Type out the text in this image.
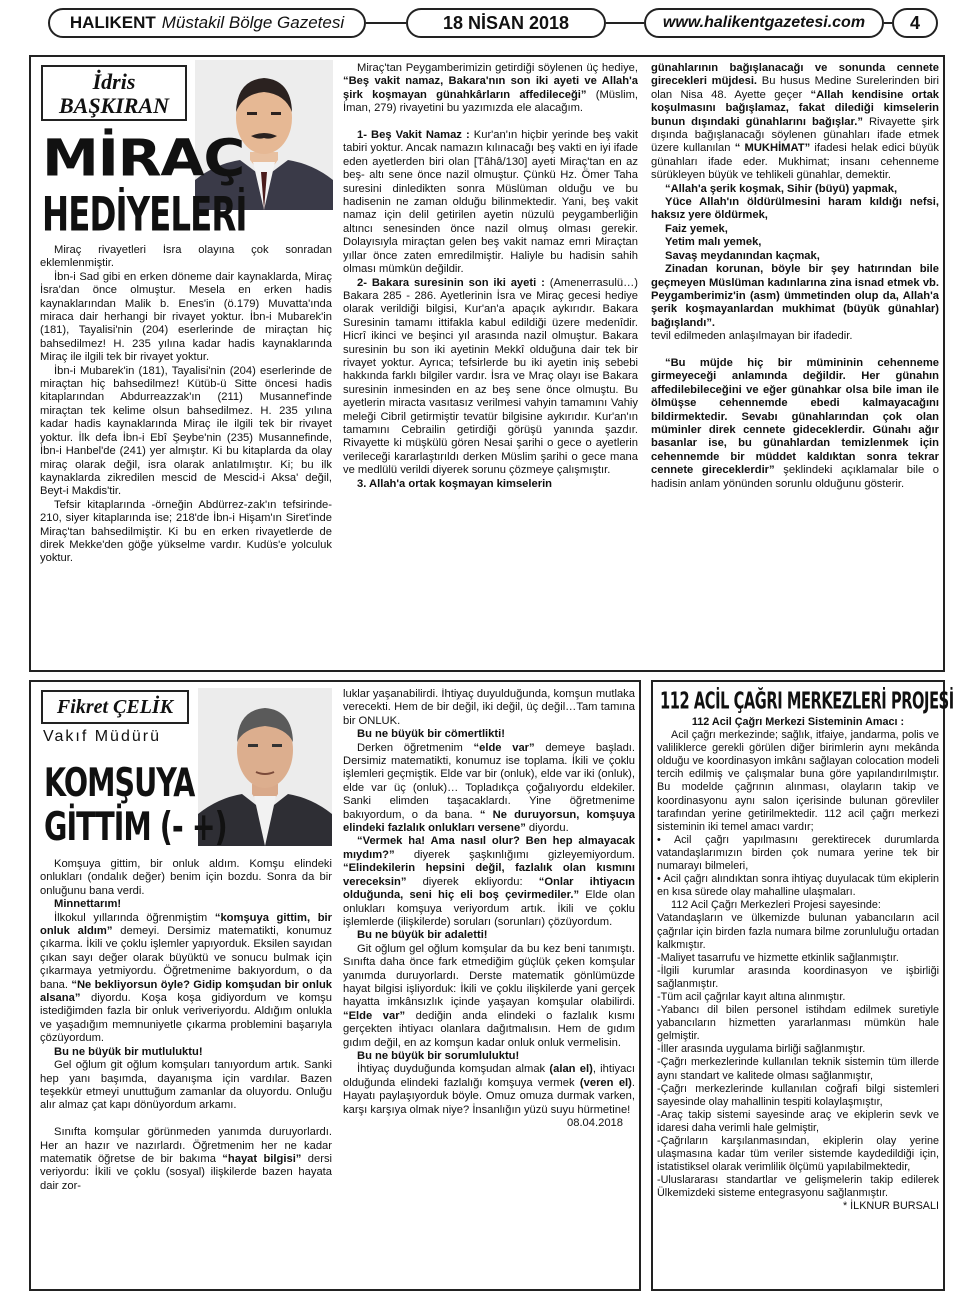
HALIKENT Müstakil Bölge Gazetesi	18 NİSAN 2018	www.halikentgazetesi.com 4
İdris
BAŞKIRAN
MİRAÇ
HEDİYELERİ

Miraç rivayetleri İsra olayına çok sonradan eklemlenmiştir.

İbn-i Sad gibi en erken döneme dair kaynaklarda, Miraç İsra'dan önce olmuştur. Mesela en erken hadis kaynaklarından Malik b. Enes'in (ö.179) Muvatta'ında miraca dair herhangi bir rivayet yoktur. İbn-i Mubarek'in (181), Tayalisi'nin (204) eserlerinde de miraçtan hiç bahsedilmez! H. 235 yılına kadar hadis kaynaklarında Miraç ile ilgili tek bir rivayet yoktur.

İbn-i Mubarek'in (181), Tayalisi'nin (204) eserlerinde de miraçtan hiç bahsedilmez! Kütüb-ü Sitte öncesi hadis kitaplarından Abdurreazzak'ın (211) Musannef'inde miraçtan tek kelime olsun bahsedilmez. H. 235 yılına kadar hadis kaynaklarında Miraç ile ilgili tek bir rivayet yoktur. İlk defa İbn-i Ebî Şeybe'nin (235) Musannefinde, İbn-i Hanbel'de (241) yer almıştır. Ki bu kitaplarda da olay miraç olarak değil, isra olarak anlatılmıştır. Ki; bu ilk kaynaklarda zikredilen mescid de Mescid-i Aksa' değil, Beyt-i Makdis'tir.

Tefsir kitaplarında -örneğin Abdürrez-zak'ın tefsirinde- 210, siyer kitaplarında ise; 218'de İbn-i Hişam'ın Siret'inde Miraç'tan bahsedilmiştir. Ki bu en erken rivayetlerde de direk Mekke'den göğe yükselme vardır. Kudüs'e yolculuk yoktur.

Miraç'tan Peygamberimizin getirdiği söylenen üç hediye, “Beş vakit namaz, Bakara'nın son iki ayeti ve Allah'a şirk koşmayan günahkârların affedileceği” (Müslim, İman, 279) rivayetini bu yazımızda ele alacağım.

1- Beş Vakit Namaz : Kur'an'ın hiçbir yerinde beş vakit tabiri yoktur. Ancak namazın kılınacağı beş vakti en iyi ifade eden ayetlerden biri olan [Tâhâ/130] ayeti Miraç'tan en az beş- altı sene önce nazil olmuştur. Çünkü Hz. Ömer Taha suresini dinledikten sonra Müslüman olduğu ve bu hadisenin ne zaman olduğu bilinmektedir. Yani, beş vakit namaz için delil getirilen ayetin nüzulü peygamberliğin altıncı senesinden önce nazil olmuş olması gerekir. Dolayısıyla miraçtan gelen beş vakit namaz emri Miraçtan yıllar önce zaten emredilmiştir. Haliyle bu hadisin sahih olması mümkün değildir.

2- Bakara suresinin son iki ayeti : (Amenerrasulü…) Bakara 285 - 286. Ayetlerinin İsra ve Miraç gecesi hediye olarak verildiği bilgisi, Kur'an'a apaçık aykırıdır. Bakara Suresinin tamamı ittifakla kabul edildiği üzere medenîdir. Hicrî ikinci ve beşinci yıl arasında nazil olmuştur. Bakara suresinin bu son iki ayetinin Mekkî olduğuna dair tek bir rivayet yoktur. Ayrıca; tefsirlerde bu iki ayetin iniş sebebi hakkında farklı bilgiler vardır. İsra ve Mraç olayı ise Bakara suresinin inmesinden en az beş sene önce olmuştu. Bu ayetlerin miracta vasıtasız verilmesi vahyin tamamını Vahiy meleği Cibril getirmiştir tevatür bilgisine aykırıdır. Kur'an'ın tamamını Cebrailin getirdiği görüşü yanında şazdır. Rivayette ki müşkülü gören Nesai şarihi o gece o ayetlerin verileceği kararlaştırıldı derken Müslim şarihi o gece mana ve medlülü verildi diyerek sorunu çözmeye çalışmıştır.

3. Allah'a ortak koşmayan kimselerin

günahlarının bağışlanacağı ve sonunda cennete girecekleri müjdesi. Bu husus Medine Surelerinden biri olan Nisa 48. Ayette geçer “Allah kendisine ortak koşulmasını bağışlamaz, fakat dilediği kimselerin bunun dışındaki günahlarını bağışlar.” Rivayette şirk dışında bağışlanacağı söylenen günahları ifade etmek üzere kullanılan “ MUKHİMAT” ifadesi helak edici büyük günahları ifade eder. Mukhimat; insanı cehenneme sürükleyen büyük ve tehlikeli günahlar, demektir.

“Allah'a şerik koşmak, Sihir (büyü) yapmak,

Yüce Allah'ın öldürülmesini haram kıldığı nefsi, haksız yere öldürmek,

Faiz yemek,

Yetim malı yemek,

Savaş meydanından kaçmak,

Zinadan korunan, böyle bir şey hatırından bile geçmeyen Müslüman kadınlarına zina isnad etmek vb. Peygamberimiz'in (asm) ümmetinden olup da, Allah'a şerik koşmayanlardan mukhimat (büyük günahlar) bağışlandı”.

tevil edilmeden anlaşılmayan bir ifadedir.

“Bu müjde hiç bir mümininin cehenneme girmeyeceği anlamında değildir. Her günahın affedilebileceğini ve eğer günahkar olsa bile iman ile ölmüşse cehennemde ebedi kalmayacağını bildirmektedir. Sevabı günahlarından çok olan müminler direk cennete gideceklerdir. Günahı ağır basanlar ise, bu günahlardan temizlenmek için cehennemde bir müddet kaldıktan sonra tekrar cennete gireceklerdir” şeklindeki açıklamalar bile o hadisin anlam yönünden sorunlu olduğunu gösterir.

Fikret ÇELİK
Vakıf Müdürü
KOMŞUYA
GİTTİM (- +)

Komşuya gittim, bir onluk aldım. Komşu elindeki onlukları (ondalık değer) benim için bozdu. Sonra da bir onluğunu bana verdi.

Minnettarım!

İlkokul yıllarında öğrenmiştim “komşuya gittim, bir onluk aldım” demeyi. Dersimiz matematikti, konumuz çıkarma. İkili ve çoklu işlemler yapıyorduk. Eksilen sayıdan çıkan sayı değer olarak büyüktü ve sonucu bulmak için çıkarmaya yetmiyordu. Öğretmenime bakıyordum, o da bana. “Ne bekliyorsun öyle? Gidip komşudan bir onluk alsana” diyordu. Koşa koşa gidiyordum ve komşu istediğimden fazla bir onluk veriveriyordu. Aldığım onlukla ve yaşadığım memnuniyetle çıkarma problemini başarıyla çözüyordum.

Bu ne büyük bir mutluluktu!

Gel oğlum git oğlum komşuları tanıyordum artık. Sanki hep yanı başımda, dayanışma için vardılar. Bazen teşekkür etmeyi unuttuğum zamanlar da oluyordu. Onluğu alır almaz çat kapı dönüyordum arkamı.

Sınıfta komşular görünmeden yanımda duruyorlardı. Her an hazır ve nazırlardı. Öğretmenim her ne kadar matematik öğretse de bir bakıma “hayat bilgisi” dersi veriyordu: İkili ve çoklu (sosyal) ilişkilerde bazen hayata dair zor-

luklar yaşanabilirdi. İhtiyaç duyulduğunda, komşun mutlaka verecekti. Hem de bir değil, iki değil, üç değil…Tam tamına bir ONLUK.

Bu ne büyük bir cömertlikti!

Derken öğretmenim “elde var” demeye başladı. Dersimiz matematikti, konumuz ise toplama. İkili ve çoklu işlemleri geçmiştik. Elde var bir (onluk), elde var iki (onluk), elde var üç (onluk)… Topladıkça çoğalıyordu eldekiler. Sanki elimden taşacaklardı. Yine öğretmenime bakıyordum, o da bana. “ Ne duruyorsun, komşuya elindeki fazlalık onlukları versene” diyordu.

“Vermek ha! Ama nasıl olur? Ben hep almayacak mıydım?” diyerek şaşkınlığımı gizleyemiyordum. “Elindekilerin hepsini değil, fazlalık olan kısmını vereceksin” diyerek ekliyordu: “Onlar ihtiyacın olduğunda, seni hiç eli boş çevirmediler.” Elde olan onlukları komşuya veriyordum artık. İkili ve çoklu işlemlerde (ilişkilerde) soruları (sorunları) çözüyordum.

Bu ne büyük bir adaletti!

Git oğlum gel oğlum komşular da bu kez beni tanımıştı. Sınıfta daha önce fark etmediğim güçlük çeken komşular yanımda duruyorlardı. Derste matematik gönlümüzde hayat bilgisi işliyorduk: İkili ve çoklu ilişkilerde yani gerçek hayatta imkânsızlık içinde yaşayan komşular olabilirdi. “Elde var” dediğin anda elindeki o fazlalık kısmı gerçekten ihtiyacı olanlara dağıtmalısın. Hem de gıdım gıdım değil, en az komşun kadar onluk onluk vermelisin.

Bu ne büyük bir sorumluluktu!

İhtiyaç duyduğunda komşudan almak (alan el), ihtiyacı olduğunda elindeki fazlalığı komşuya vermek (veren el). Hayatı paylaşıyorduk böyle. Omuz omuza durmak varken, karşı karşıya olmak niye? İnsanlığın yüzü suyu hürmetine!

08.04.2018

112 ACİL ÇAĞRI MERKEZLERİ PROJESİ

112 Acil Çağrı Merkezi Sisteminin Amacı :

Acil çağrı merkezinde; sağlık, itfaiye, jandarma, polis ve valiliklerce gerekli görülen diğer birimlerin aynı mekânda olduğu ve koordinasyon imkânı sağlayan colocation modeli tercih edilmiş ve çalışmalar buna göre yapılandırılmıştır. Bu modelde çağrının alınması, olayların takip ve koordinasyonu aynı salon içerisinde bulunan görevliler tarafından yerine getirilmektedir. 112 acil çağrı merkezi sisteminin iki temel amacı vardır;

• Acil çağrı yapılmasını gerektirecek durumlarda vatandaşlarımızın birden çok numara yerine tek bir numarayı bilmeleri,

• Acil çağrı alındıktan sonra ihtiyaç duyulacak tüm ekiplerin en kısa sürede olay mahalline ulaşmaları.

112 Acil Çağrı Merkezleri Projesi sayesinde:

Vatandaşların ve ülkemizde bulunan yabancıların acil çağrılar için birden fazla numara bilme zorunluluğu ortadan kalkmıştır.

-Maliyet tasarrufu ve hizmette etkinlik sağlanmıştır.

-İlgili kurumlar arasında koordinasyon ve işbirliği sağlanmıştır.

-Tüm acil çağrılar kayıt altına alınmıştır.

-Yabancı dil bilen personel istihdam edilmek suretiyle yabancıların hizmetten yararlanması mümkün hale gelmiştir.

-İller arasında uygulama birliği sağlanmıştır.

-Çağrı merkezlerinde kullanılan teknik sistemin tüm illerde aynı standart ve kalitede olması sağlanmıştır,

-Çağrı merkezlerinde kullanılan coğrafi bilgi sistemleri sayesinde olay mahallinin tespiti kolaylaşmıştır,

-Araç takip sistemi sayesinde araç ve ekiplerin sevk ve idaresi daha verimli hale gelmiştir,

-Çağrıların karşılanmasından, ekiplerin olay yerine ulaşmasına kadar tüm veriler sistemde kaydedildiği için, istatistiksel olarak verimlilik ölçümü yapılabilmektedir,

-Uluslararası standartlar ve gelişmelerin takip edilerek Ülkemizdeki sisteme entegrasyonu sağlanmıştır.

* İLKNUR BURSALI
